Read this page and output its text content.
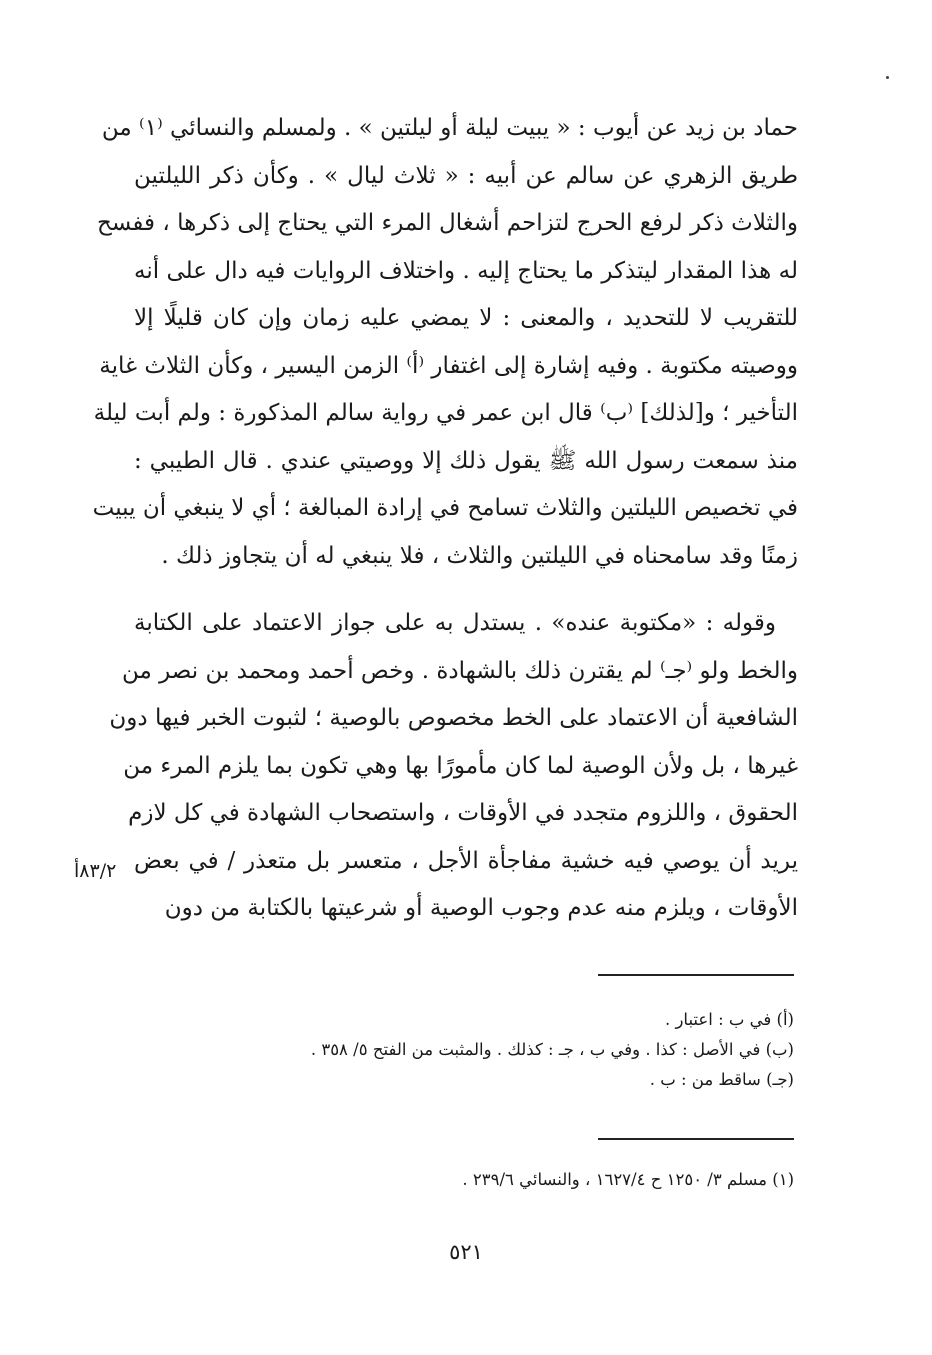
حماد بن زيد عن أيوب : « يبيت ليلة أو ليلتين » . ولمسلم والنسائي ⁽١⁾ من
طريق الزهري عن سالم عن أبيه : « ثلاث ليال » . وكأن ذكر الليلتين
والثلاث ذكر لرفع الحرج لتزاحم أشغال المرء التي يحتاج إلى ذكرها ، ففسح
له هذا المقدار ليتذكر ما يحتاج إليه . واختلاف الروايات فيه دال على أنه
للتقريب لا للتحديد ، والمعنى : لا يمضي عليه زمان وإن كان قليلًا إلا
ووصيته مكتوبة . وفيه إشارة إلى اغتفار ⁽أ⁾ الزمن اليسير ، وكأن الثلاث غاية
التأخير ؛ و[لذلك] ⁽ب⁾ قال ابن عمر في رواية سالم المذكورة : ولم أبت ليلة
منذ سمعت رسول الله ﷺ يقول ذلك إلا ووصيتي عندي . قال الطيبي :
في تخصيص الليلتين والثلاث تسامح في إرادة المبالغة ؛ أي لا ينبغي أن يبيت
زمنًا وقد سامحناه في الليلتين والثلاث ، فلا ينبغي له أن يتجاوز ذلك .
وقوله : «مكتوبة عنده» . يستدل به على جواز الاعتماد على الكتابة
والخط ولو ⁽جـ⁾ لم يقترن ذلك بالشهادة . وخص أحمد ومحمد بن نصر من
الشافعية أن الاعتماد على الخط مخصوص بالوصية ؛ لثبوت الخبر فيها دون
غيرها ، بل ولأن الوصية لما كان مأمورًا بها وهي تكون بما يلزم المرء من
الحقوق ، واللزوم متجدد في الأوقات ، واستصحاب الشهادة في كل لازم
يريد أن يوصي فيه خشية مفاجأة الأجل ، متعسر بل متعذر / في بعض
الأوقات ، ويلزم منه عدم وجوب الوصية أو شرعيتها بالكتابة من دون
٨٣/٢أ
(أ) في ب : اعتبار .
(ب) في الأصل : كذا . وفي ب ، جـ : كذلك . والمثبت من الفتح ٥/ ٣٥٨ .
(جـ) ساقط من : ب .
(١) مسلم ٣/ ١٢٥٠ ح ١٦٢٧/٤ ، والنسائي ٢٣٩/٦ .
٥٢١
